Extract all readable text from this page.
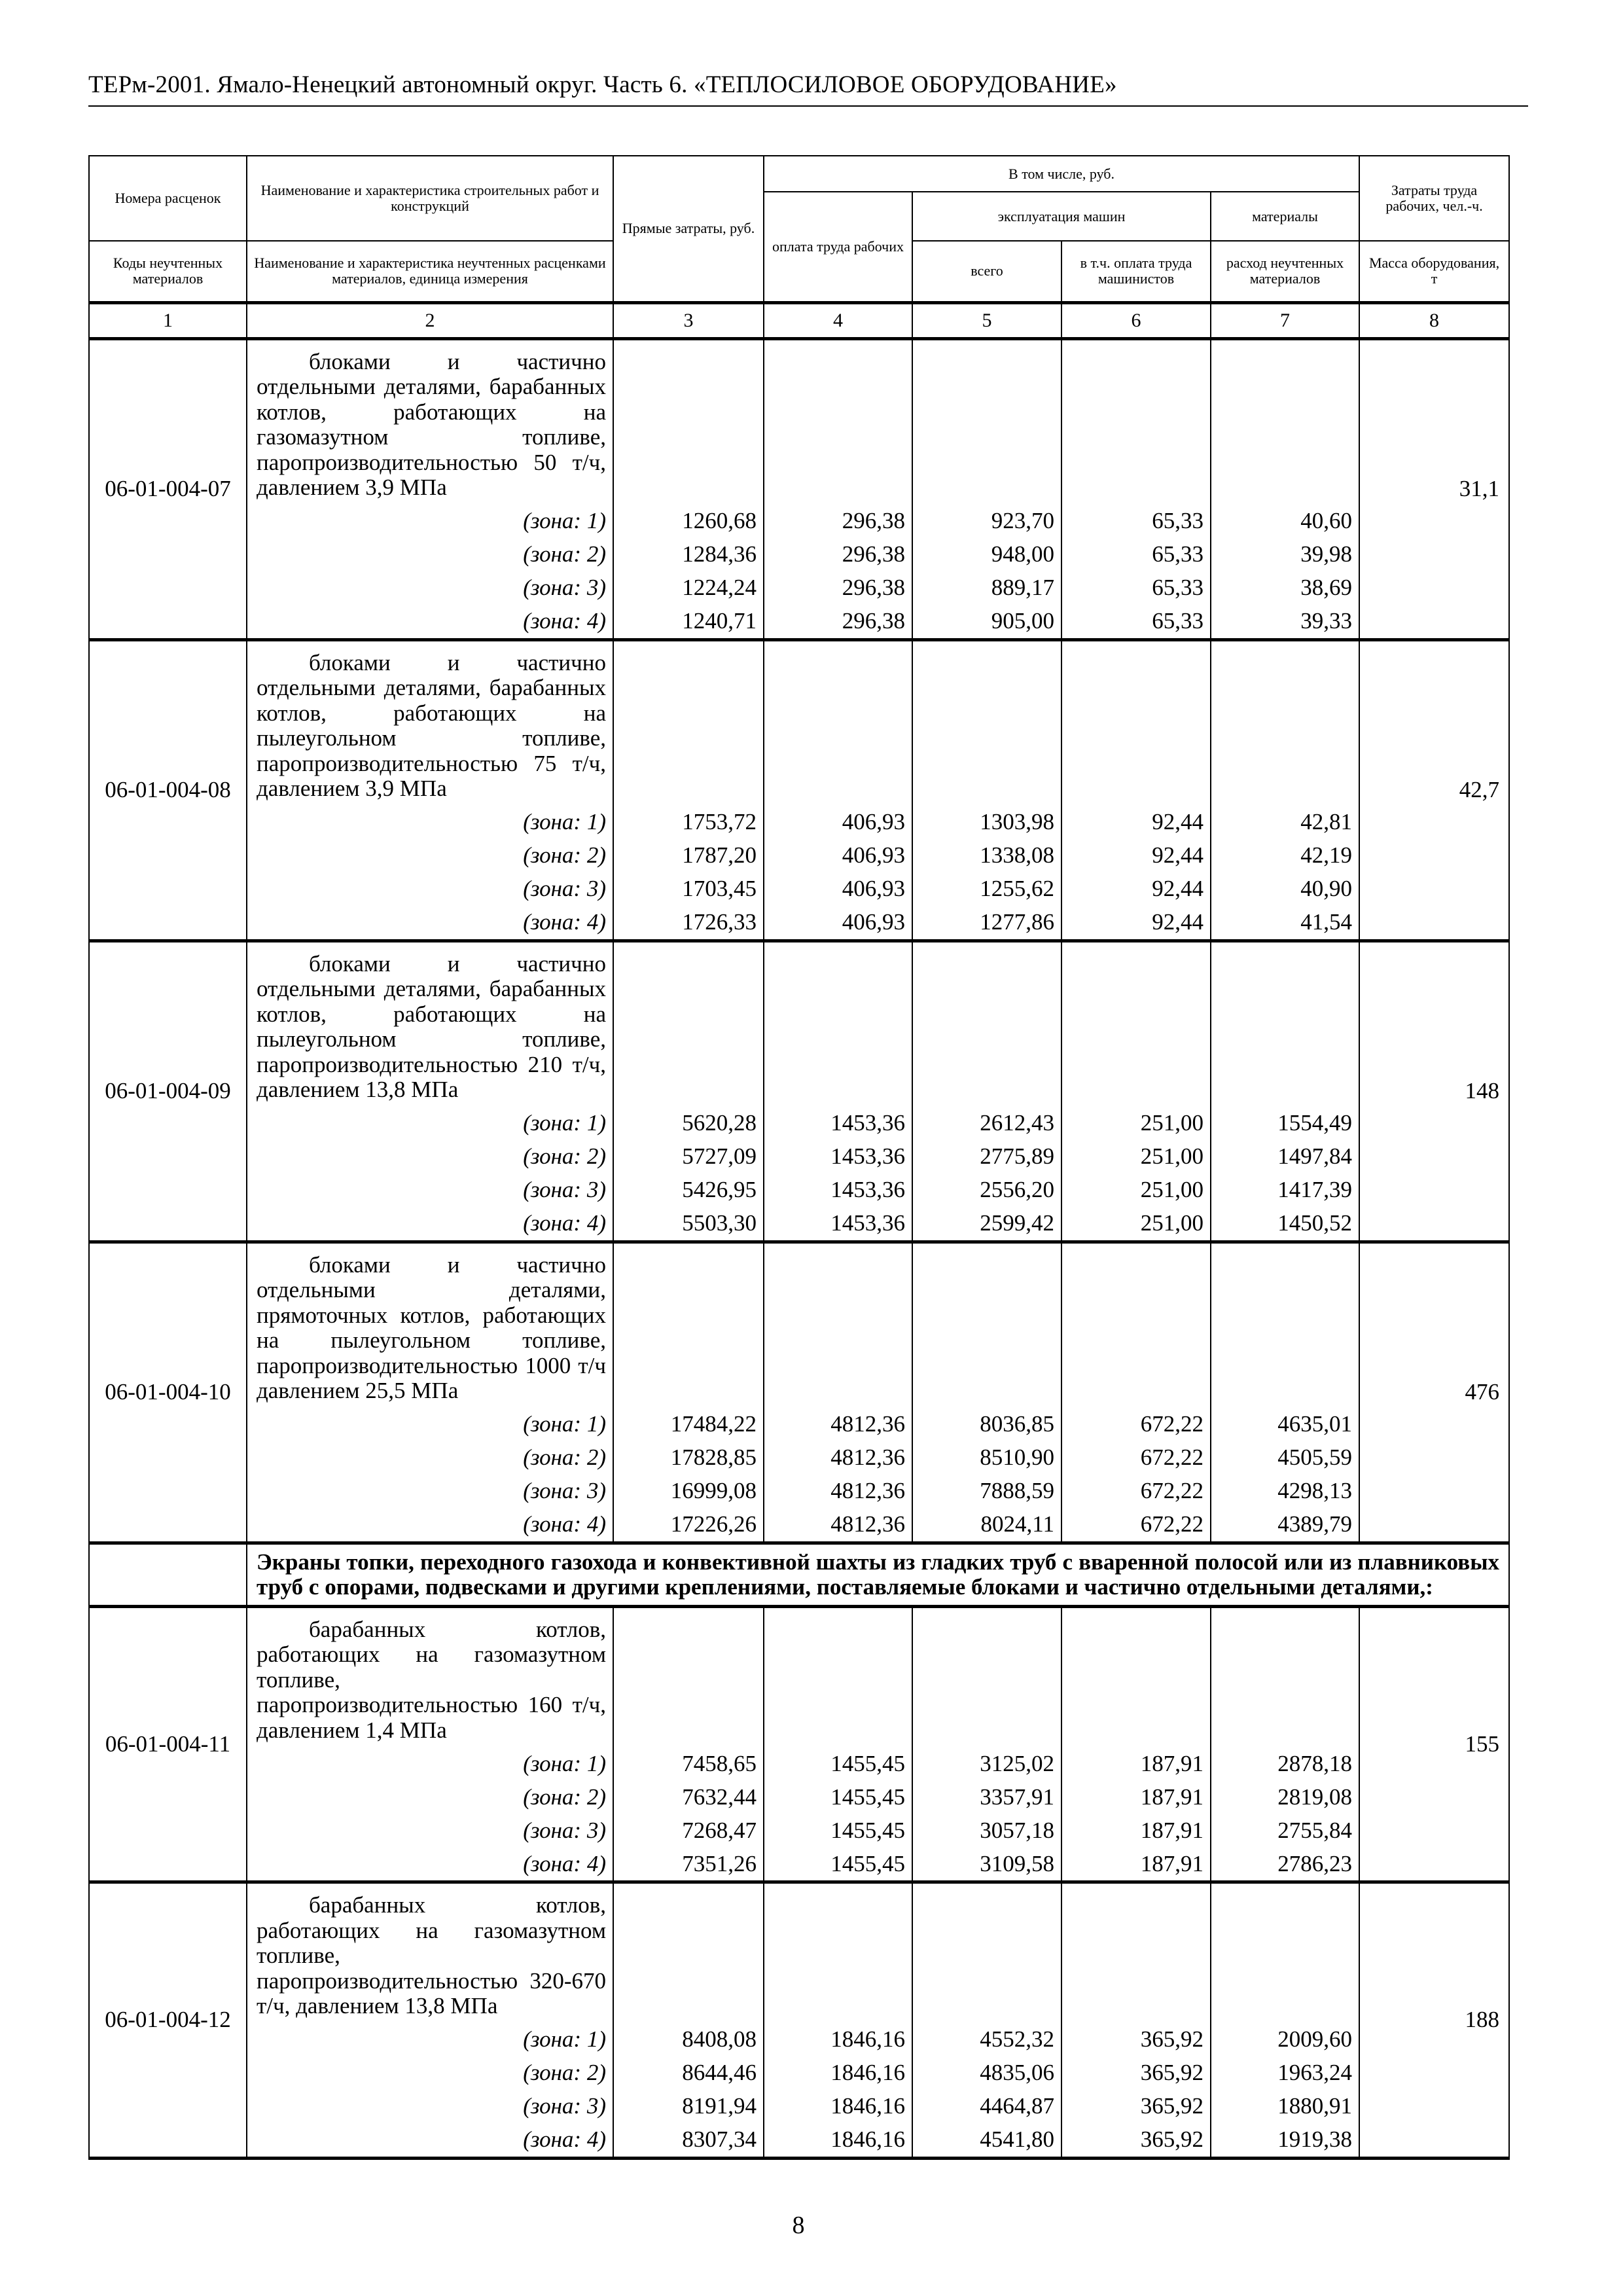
ТЕРм-2001. Ямало-Ненецкий автономный округ. Часть 6. «ТЕПЛОСИЛОВОЕ ОБОРУДОВАНИЕ»
Номера расценок	Наименование и характеристика строительных работ и конструкций	Прямые затраты, руб.	В том числе, руб.				Затраты труда рабочих, чел.-ч.
			оплата труда рабочих	эксплуатация машин		материалы	
Коды неучтенных материалов	Наименование и характеристика неучтенных расценками материалов, единица измерения			всего	в т.ч. оплата труда машинистов	расход неучтенных материалов	Масса оборудования, т
1	2	3	4	5	6	7	8
06-01-004-07	блоками и частично отдельными деталями, барабанных котлов, работающих на газомазутном топливе, паропроизводительностью 50 т/ч, давлением 3,9 МПа						31,1
	(зона: 1)	1260,68	296,38	923,70	65,33	40,60	
	(зона: 2)	1284,36	296,38	948,00	65,33	39,98	
	(зона: 3)	1224,24	296,38	889,17	65,33	38,69	
	(зона: 4)	1240,71	296,38	905,00	65,33	39,33	
06-01-004-08	блоками и частично отдельными деталями, барабанных котлов, работающих на пылеугольном топливе, паропроизводительностью 75 т/ч, давлением 3,9 МПа						42,7
	(зона: 1)	1753,72	406,93	1303,98	92,44	42,81	
	(зона: 2)	1787,20	406,93	1338,08	92,44	42,19	
	(зона: 3)	1703,45	406,93	1255,62	92,44	40,90	
	(зона: 4)	1726,33	406,93	1277,86	92,44	41,54	
06-01-004-09	блоками и частично отдельными деталями, барабанных котлов, работающих на пылеугольном топливе, паропроизводительностью 210 т/ч, давлением 13,8 МПа						148
	(зона: 1)	5620,28	1453,36	2612,43	251,00	1554,49	
	(зона: 2)	5727,09	1453,36	2775,89	251,00	1497,84	
	(зона: 3)	5426,95	1453,36	2556,20	251,00	1417,39	
	(зона: 4)	5503,30	1453,36	2599,42	251,00	1450,52	
06-01-004-10	блоками и частично отдельными деталями, прямоточных котлов, работающих на пылеугольном топливе, паропроизводительностью 1000 т/ч давлением 25,5 МПа						476
	(зона: 1)	17484,22	4812,36	8036,85	672,22	4635,01	
	(зона: 2)	17828,85	4812,36	8510,90	672,22	4505,59	
	(зона: 3)	16999,08	4812,36	7888,59	672,22	4298,13	
	(зона: 4)	17226,26	4812,36	8024,11	672,22	4389,79	
	Экраны топки, переходного газохода и конвективной шахты из гладких труб с вваренной полосой или из плавниковых труб с опорами, подвесками и другими креплениями, поставляемые блоками и частично отдельными деталями,:						
06-01-004-11	барабанных котлов, работающих на газомазутном топливе, паропроизводительностью 160 т/ч, давлением 1,4 МПа						155
	(зона: 1)	7458,65	1455,45	3125,02	187,91	2878,18	
	(зона: 2)	7632,44	1455,45	3357,91	187,91	2819,08	
	(зона: 3)	7268,47	1455,45	3057,18	187,91	2755,84	
	(зона: 4)	7351,26	1455,45	3109,58	187,91	2786,23	
06-01-004-12	барабанных котлов, работающих на газомазутном топливе, паропроизводительностью 320-670 т/ч, давлением 13,8 МПа						188
	(зона: 1)	8408,08	1846,16	4552,32	365,92	2009,60	
	(зона: 2)	8644,46	1846,16	4835,06	365,92	1963,24	
	(зона: 3)	8191,94	1846,16	4464,87	365,92	1880,91	
	(зона: 4)	8307,34	1846,16	4541,80	365,92	1919,38	
8
